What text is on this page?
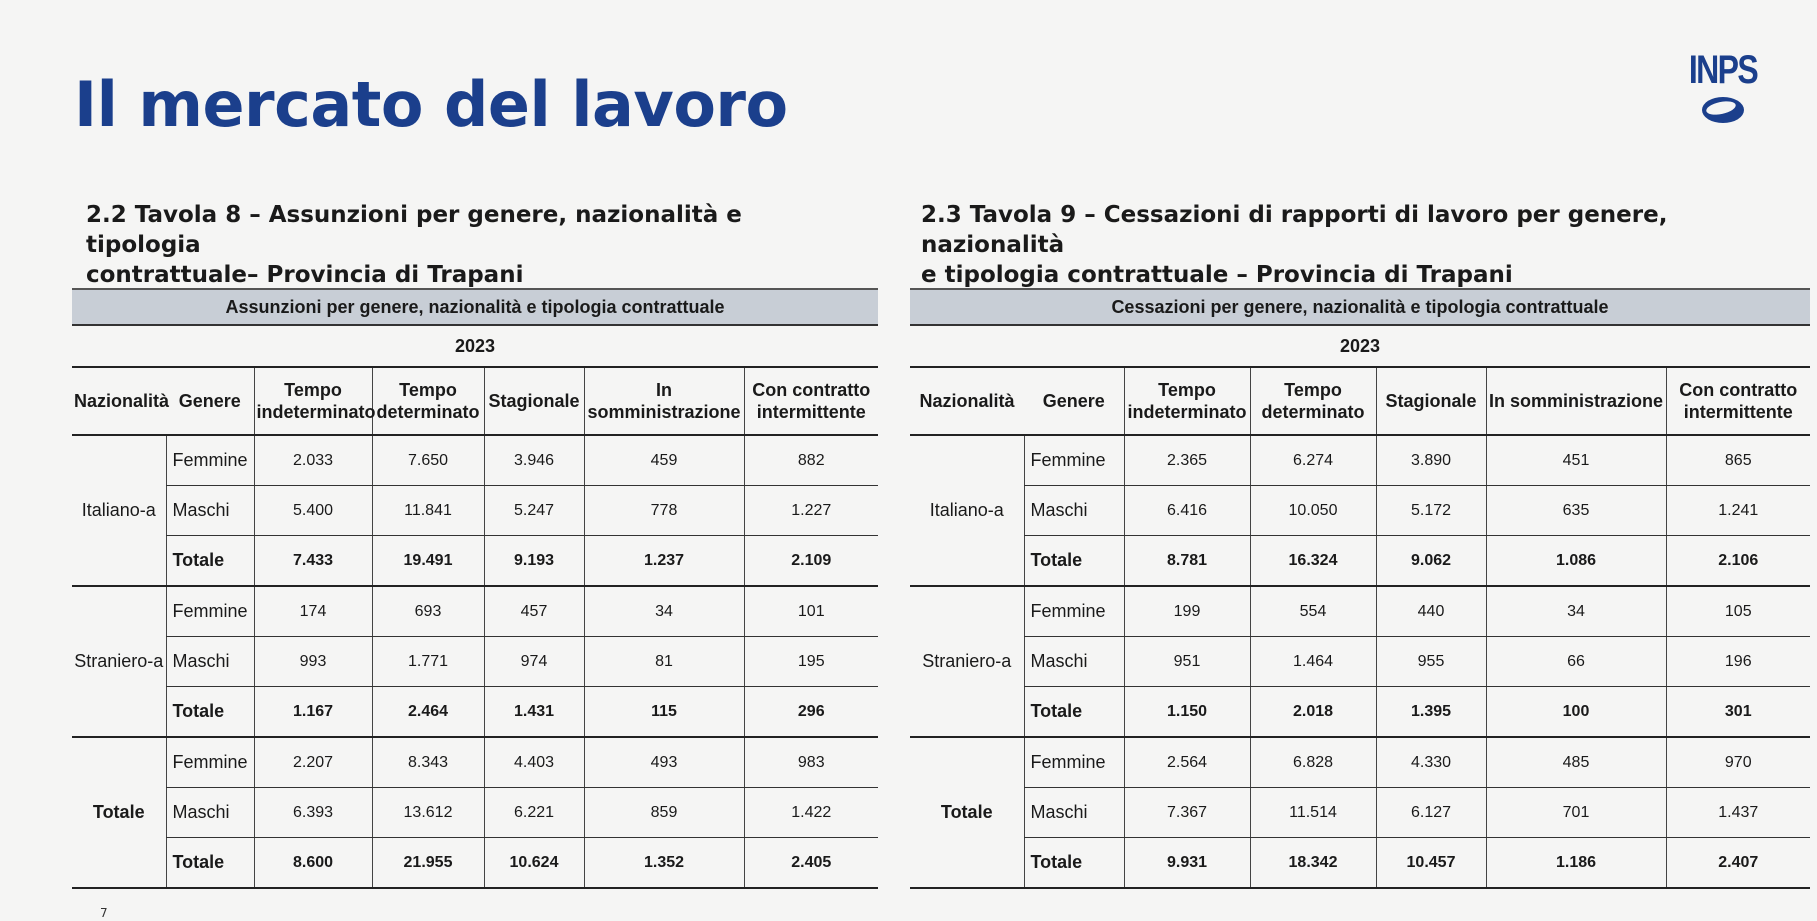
Il mercato del lavoro	INPS
2.2 Tavola 8 – Assunzioni per genere, nazionalità e tipologia
contrattuale– Provincia di Trapani
2.3 Tavola 9 – Cessazioni di rapporti di lavoro per genere, nazionalità
e tipologia contrattuale – Provincia di Trapani
Assunzioni per genere, nazionalità e tipologia contrattuale
2023
Nazionalità	Genere	Tempo indeterminato	Tempo determinato	Stagionale	In somministrazione	Con contratto intermittente
Italiano-a	Femmine	2.033	7.650	3.946	459	882
	Maschi	5.400	11.841	5.247	778	1.227
	Totale	7.433	19.491	9.193	1.237	2.109
Straniero-a	Femmine	174	693	457	34	101
	Maschi	993	1.771	974	81	195
	Totale	1.167	2.464	1.431	115	296
Totale	Femmine	2.207	8.343	4.403	493	983
	Maschi	6.393	13.612	6.221	859	1.422
	Totale	8.600	21.955	10.624	1.352	2.405
Cessazioni per genere, nazionalità e tipologia contrattuale
2023
Nazionalità	Genere	Tempo indeterminato	Tempo determinato	Stagionale	In somministrazione	Con contratto intermittente
Italiano-a	Femmine	2.365	6.274	3.890	451	865
	Maschi	6.416	10.050	5.172	635	1.241
	Totale	8.781	16.324	9.062	1.086	2.106
Straniero-a	Femmine	199	554	440	34	105
	Maschi	951	1.464	955	66	196
	Totale	1.150	2.018	1.395	100	301
Totale	Femmine	2.564	6.828	4.330	485	970
	Maschi	7.367	11.514	6.127	701	1.437
	Totale	9.931	18.342	10.457	1.186	2.407
7
